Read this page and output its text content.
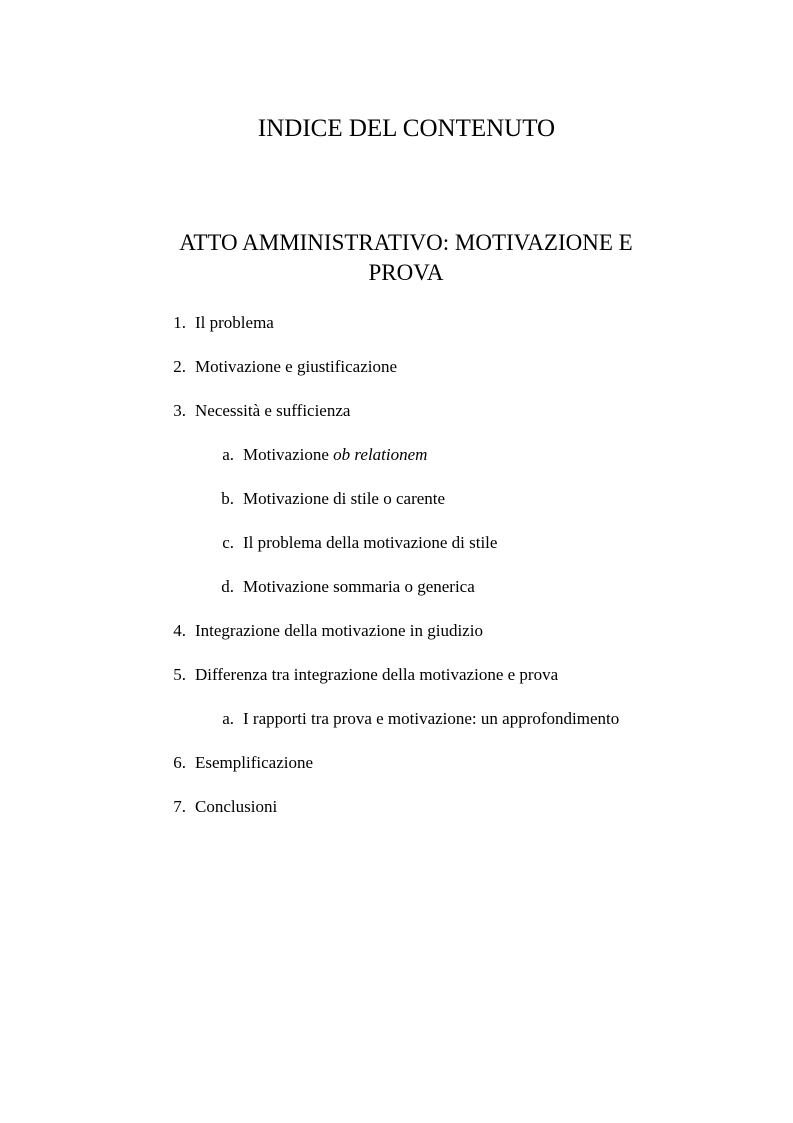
INDICE DEL CONTENUTO
ATTO AMMINISTRATIVO: MOTIVAZIONE E PROVA
1. Il problema
2. Motivazione e giustificazione
3. Necessità e sufficienza
a. Motivazione ob relationem
b. Motivazione di stile o carente
c. Il problema della motivazione di stile
d. Motivazione sommaria o generica
4. Integrazione della motivazione in giudizio
5. Differenza tra integrazione della motivazione e prova
a. I rapporti tra prova e motivazione: un approfondimento
6. Esemplificazione
7. Conclusioni
